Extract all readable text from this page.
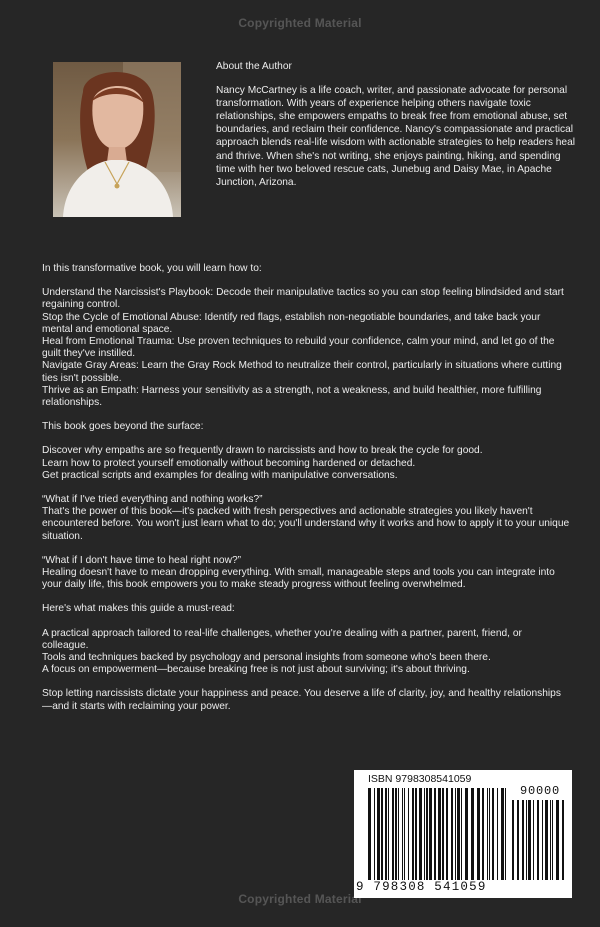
Copyrighted Material

About the Author

Nancy McCartney is a life coach, writer, and passionate advocate for personal transformation. With years of experience helping others navigate toxic relationships, she empowers empaths to break free from emotional abuse, set boundaries, and reclaim their confidence. Nancy's compassionate and practical approach blends real-life wisdom with actionable strategies to help readers heal and thrive. When she's not writing, she enjoys painting, hiking, and spending time with her two beloved rescue cats, Junebug and Daisy Mae, in Apache Junction, Arizona.

In this transformative book, you will learn how to:

Understand the Narcissist's Playbook: Decode their manipulative tactics so you can stop feeling blindsided and start regaining control.

Stop the Cycle of Emotional Abuse: Identify red flags, establish non-negotiable boundaries, and take back your mental and emotional space.

Heal from Emotional Trauma: Use proven techniques to rebuild your confidence, calm your mind, and let go of the guilt they've instilled.

Navigate Gray Areas: Learn the Gray Rock Method to neutralize their control, particularly in situations where cutting ties isn't possible.

Thrive as an Empath: Harness your sensitivity as a strength, not a weakness, and build healthier, more fulfilling relationships.

This book goes beyond the surface:

Discover why empaths are so frequently drawn to narcissists and how to break the cycle for good.

Learn how to protect yourself emotionally without becoming hardened or detached.

Get practical scripts and examples for dealing with manipulative conversations.

“What if I've tried everything and nothing works?”

That's the power of this book—it's packed with fresh perspectives and actionable strategies you likely haven't encountered before. You won't just learn what to do; you'll understand why it works and how to apply it to your unique situation.

“What if I don't have time to heal right now?”

Healing doesn't have to mean dropping everything. With small, manageable steps and tools you can integrate into your daily life, this book empowers you to make steady progress without feeling overwhelmed.

Here's what makes this guide a must-read:

A practical approach tailored to real-life challenges, whether you're dealing with a partner, parent, friend, or colleague.

Tools and techniques backed by psychology and personal insights from someone who's been there.

A focus on empowerment—because breaking free is not just about surviving; it's about thriving.

Stop letting narcissists dictate your happiness and peace. You deserve a life of clarity, joy, and healthy relationships—and it starts with reclaiming your power.

ISBN 9798308541059
9 798308 541059
90000
Copyrighted Material
